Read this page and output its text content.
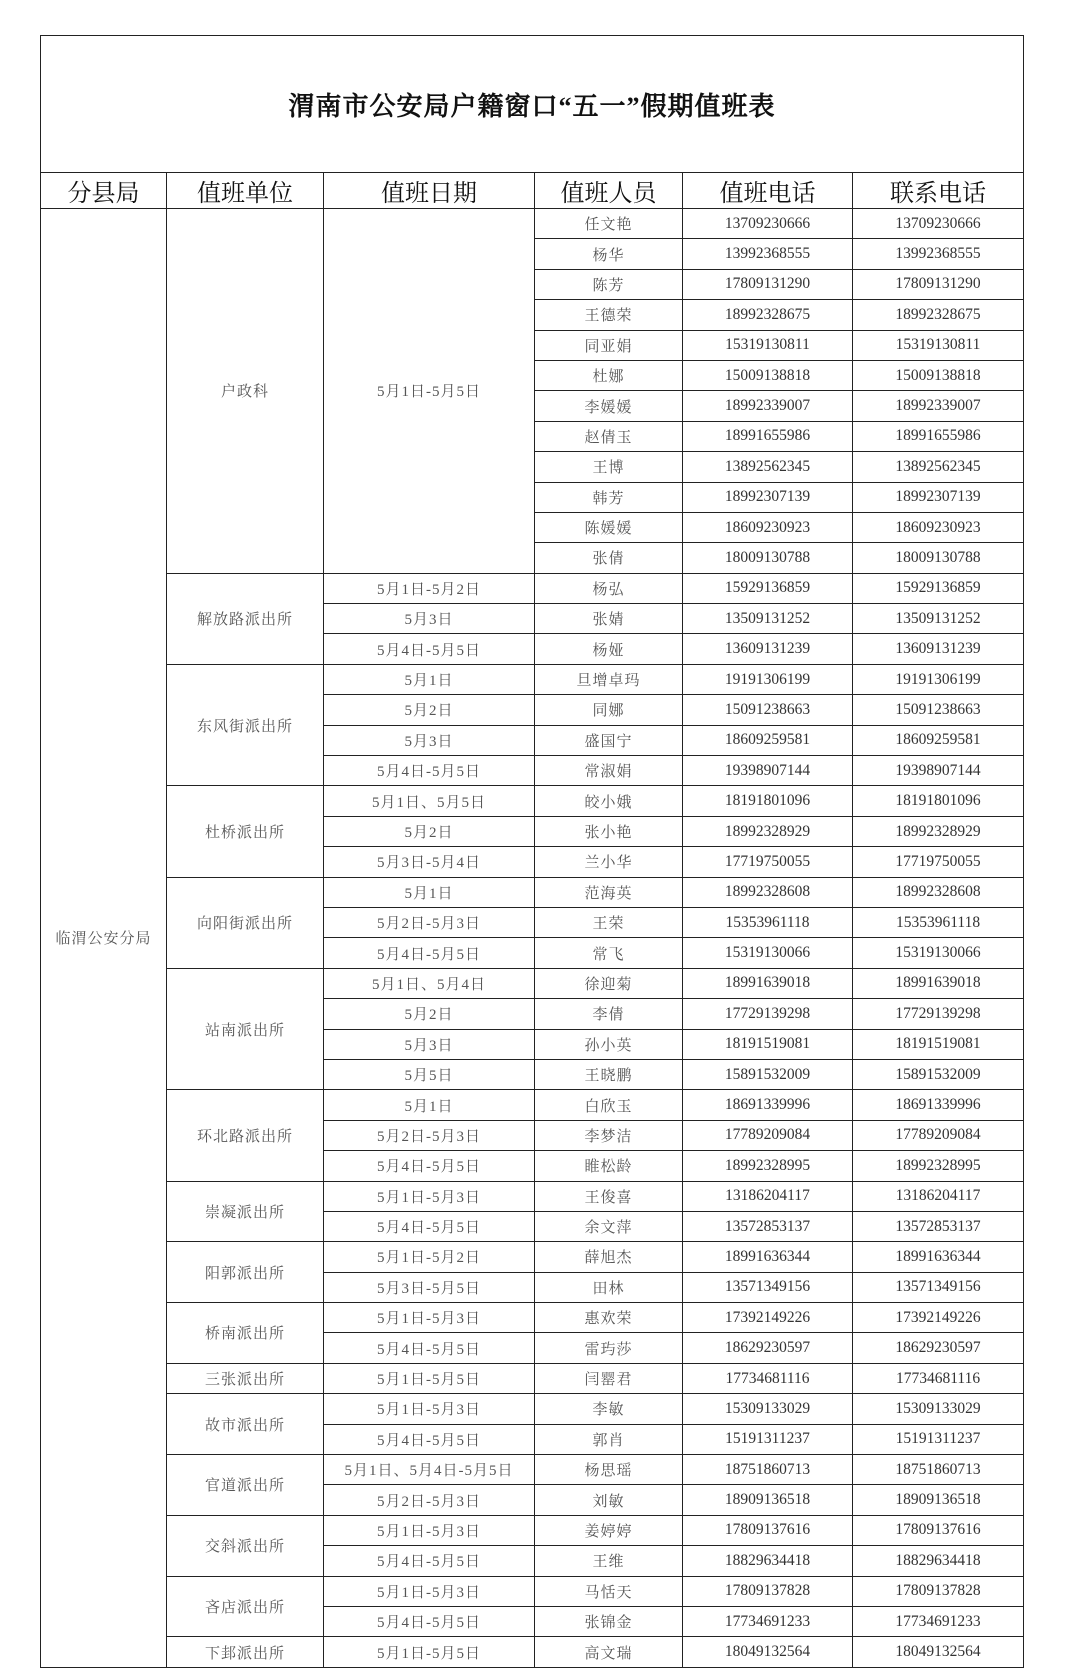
渭南市公安局户籍窗口“五一”假期值班表					
分县局	值班单位	值班日期	值班人员	值班电话	联系电话
临渭公安分局	户政科	5月1日-5月5日	任文艳	13709230666	13709230666
			杨华	13992368555	13992368555
			陈芳	17809131290	17809131290
			王德荣	18992328675	18992328675
			同亚娟	15319130811	15319130811
			杜娜	15009138818	15009138818
			李媛媛	18992339007	18992339007
			赵倩玉	18991655986	18991655986
			王博	13892562345	13892562345
			韩芳	18992307139	18992307139
			陈媛媛	18609230923	18609230923
			张倩	18009130788	18009130788
	解放路派出所	5月1日-5月2日	杨弘	15929136859	15929136859
		5月3日	张婧	13509131252	13509131252
		5月4日-5月5日	杨娅	13609131239	13609131239
	东风街派出所	5月1日	旦增卓玛	19191306199	19191306199
		5月2日	同娜	15091238663	15091238663
		5月3日	盛国宁	18609259581	18609259581
		5月4日-5月5日	常淑娟	19398907144	19398907144
	杜桥派出所	5月1日、5月5日	皎小娥	18191801096	18191801096
		5月2日	张小艳	18992328929	18992328929
		5月3日-5月4日	兰小华	17719750055	17719750055
	向阳街派出所	5月1日	范海英	18992328608	18992328608
		5月2日-5月3日	王荣	15353961118	15353961118
		5月4日-5月5日	常飞	15319130066	15319130066
	站南派出所	5月1日、5月4日	徐迎菊	18991639018	18991639018
		5月2日	李倩	17729139298	17729139298
		5月3日	孙小英	18191519081	18191519081
		5月5日	王晓鹏	15891532009	15891532009
	环北路派出所	5月1日	白欣玉	18691339996	18691339996
		5月2日-5月3日	李梦洁	17789209084	17789209084
		5月4日-5月5日	睢松龄	18992328995	18992328995
	崇凝派出所	5月1日-5月3日	王俊喜	13186204117	13186204117
		5月4日-5月5日	余文萍	13572853137	13572853137
	阳郭派出所	5月1日-5月2日	薛旭杰	18991636344	18991636344
		5月3日-5月5日	田林	13571349156	13571349156
	桥南派出所	5月1日-5月3日	惠欢荣	17392149226	17392149226
		5月4日-5月5日	雷玙莎	18629230597	18629230597
	三张派出所	5月1日-5月5日	闫罂君	17734681116	17734681116
	故市派出所	5月1日-5月3日	李敏	15309133029	15309133029
		5月4日-5月5日	郭肖	15191311237	15191311237
	官道派出所	5月1日、5月4日-5月5日	杨思瑶	18751860713	18751860713
		5月2日-5月3日	刘敏	18909136518	18909136518
	交斜派出所	5月1日-5月3日	姜婷婷	17809137616	17809137616
		5月4日-5月5日	王维	18829634418	18829634418
	吝店派出所	5月1日-5月3日	马恬天	17809137828	17809137828
		5月4日-5月5日	张锦金	17734691233	17734691233
	下邽派出所	5月1日-5月5日	高文瑞	18049132564	18049132564
